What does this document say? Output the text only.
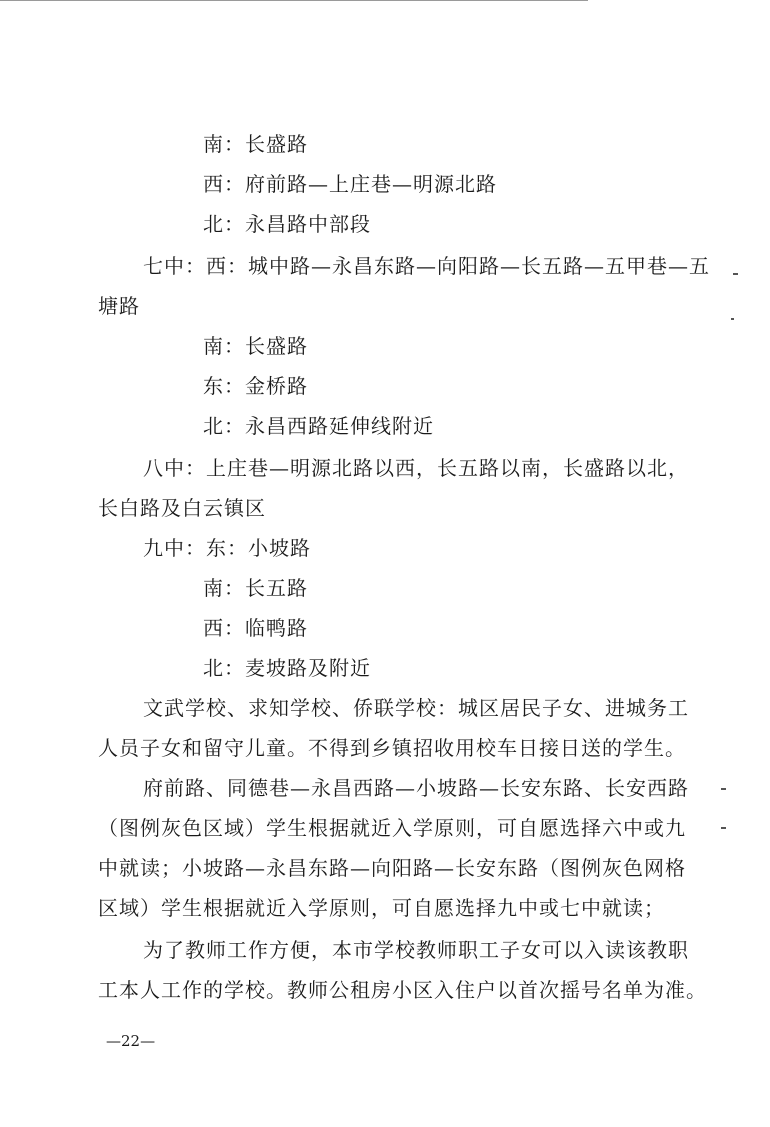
南：长盛路
西：府前路—上庄巷—明源北路
北：永昌路中部段
七中：西：城中路—永昌东路—向阳路—长五路—五甲巷—五
塘路
南：长盛路
东：金桥路
北：永昌西路延伸线附近
八中：上庄巷—明源北路以西，长五路以南，长盛路以北，
长白路及白云镇区
九中：东：小坡路
南：长五路
西：临鸭路
北：麦坡路及附近
文武学校、求知学校、侨联学校：城区居民子女、进城务工
人员子女和留守儿童。不得到乡镇招收用校车日接日送的学生。
府前路、同德巷—永昌西路—小坡路—长安东路、长安西路
（图例灰色区域）学生根据就近入学原则，可自愿选择六中或九
中就读；小坡路—永昌东路—向阳路—长安东路（图例灰色网格
区域）学生根据就近入学原则，可自愿选择九中或七中就读；
为了教师工作方便，本市学校教师职工子女可以入读该教职
工本人工作的学校。教师公租房小区入住户以首次摇号名单为准。
—22—
